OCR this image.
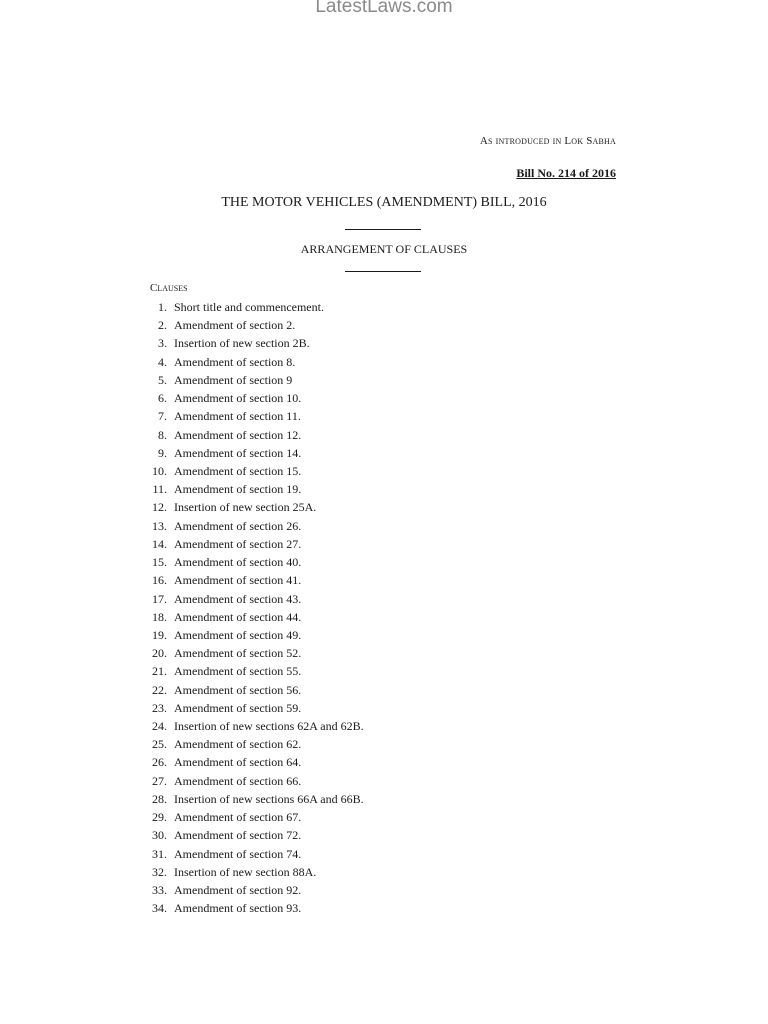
LatestLaws.com
As introduced in Lok Sabha
Bill No. 214 of 2016
THE MOTOR VEHICLES (AMENDMENT) BILL, 2016
ARRANGEMENT OF CLAUSES
Clauses
1. Short title and commencement.
2. Amendment of section 2.
3. Insertion of new section 2B.
4. Amendment of section 8.
5. Amendment of section 9
6. Amendment of section 10.
7. Amendment of section 11.
8. Amendment of section 12.
9. Amendment of section 14.
10. Amendment of section 15.
11. Amendment of section 19.
12. Insertion of new section 25A.
13. Amendment of section 26.
14. Amendment of section 27.
15. Amendment of section 40.
16. Amendment of section 41.
17. Amendment of section 43.
18. Amendment of section 44.
19. Amendment of section 49.
20. Amendment of section 52.
21. Amendment of section 55.
22. Amendment of section 56.
23. Amendment of section 59.
24. Insertion of new sections 62A and 62B.
25. Amendment of section 62.
26. Amendment of section 64.
27. Amendment of section 66.
28. Insertion of new sections 66A and 66B.
29. Amendment of section 67.
30. Amendment of section 72.
31. Amendment of section 74.
32. Insertion of new section 88A.
33. Amendment of section 92.
34. Amendment of section 93.
